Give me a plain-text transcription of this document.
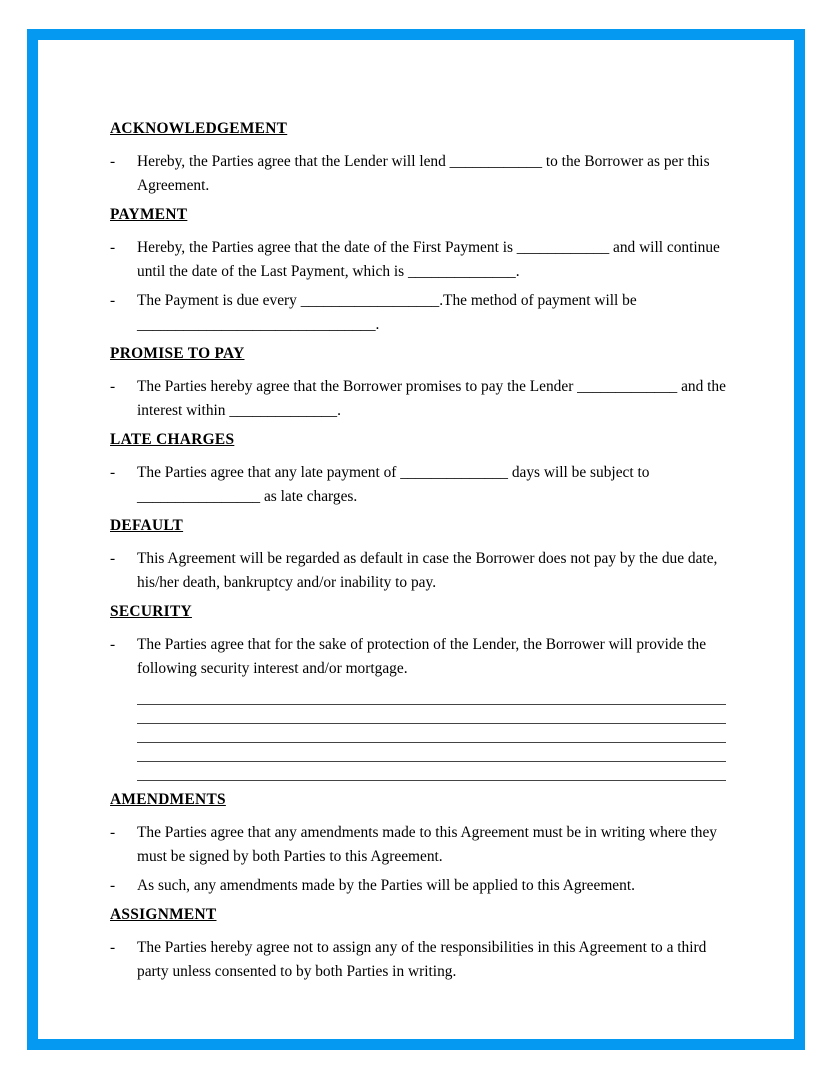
ACKNOWLEDGEMENT
-	Hereby, the Parties agree that the Lender will lend ____________ to the Borrower as per this Agreement.

PAYMENT
-	Hereby, the Parties agree that the date of the First Payment is ____________ and will continue until the date of the Last Payment, which is ______________.

-	The Payment is due every __________________.The method of payment will be _______________________________.

PROMISE TO PAY
-	The Parties hereby agree that the Borrower promises to pay the Lender _____________ and the interest within ______________.

LATE CHARGES
-	The Parties agree that any late payment of ______________ days will be subject to ________________ as late charges.

DEFAULT
-	This Agreement will be regarded as default in case the Borrower does not pay by the due date, his/her death, bankruptcy and/or inability to pay.

SECURITY
-	The Parties agree that for the sake of protection of the Lender, the Borrower will provide the following security interest and/or mortgage.

AMENDMENTS
-	The Parties agree that any amendments made to this Agreement must be in writing where they must be signed by both Parties to this Agreement.

-	As such, any amendments made by the Parties will be applied to this Agreement.

ASSIGNMENT
-	The Parties hereby agree not to assign any of the responsibilities in this Agreement to a third party unless consented to by both Parties in writing.
